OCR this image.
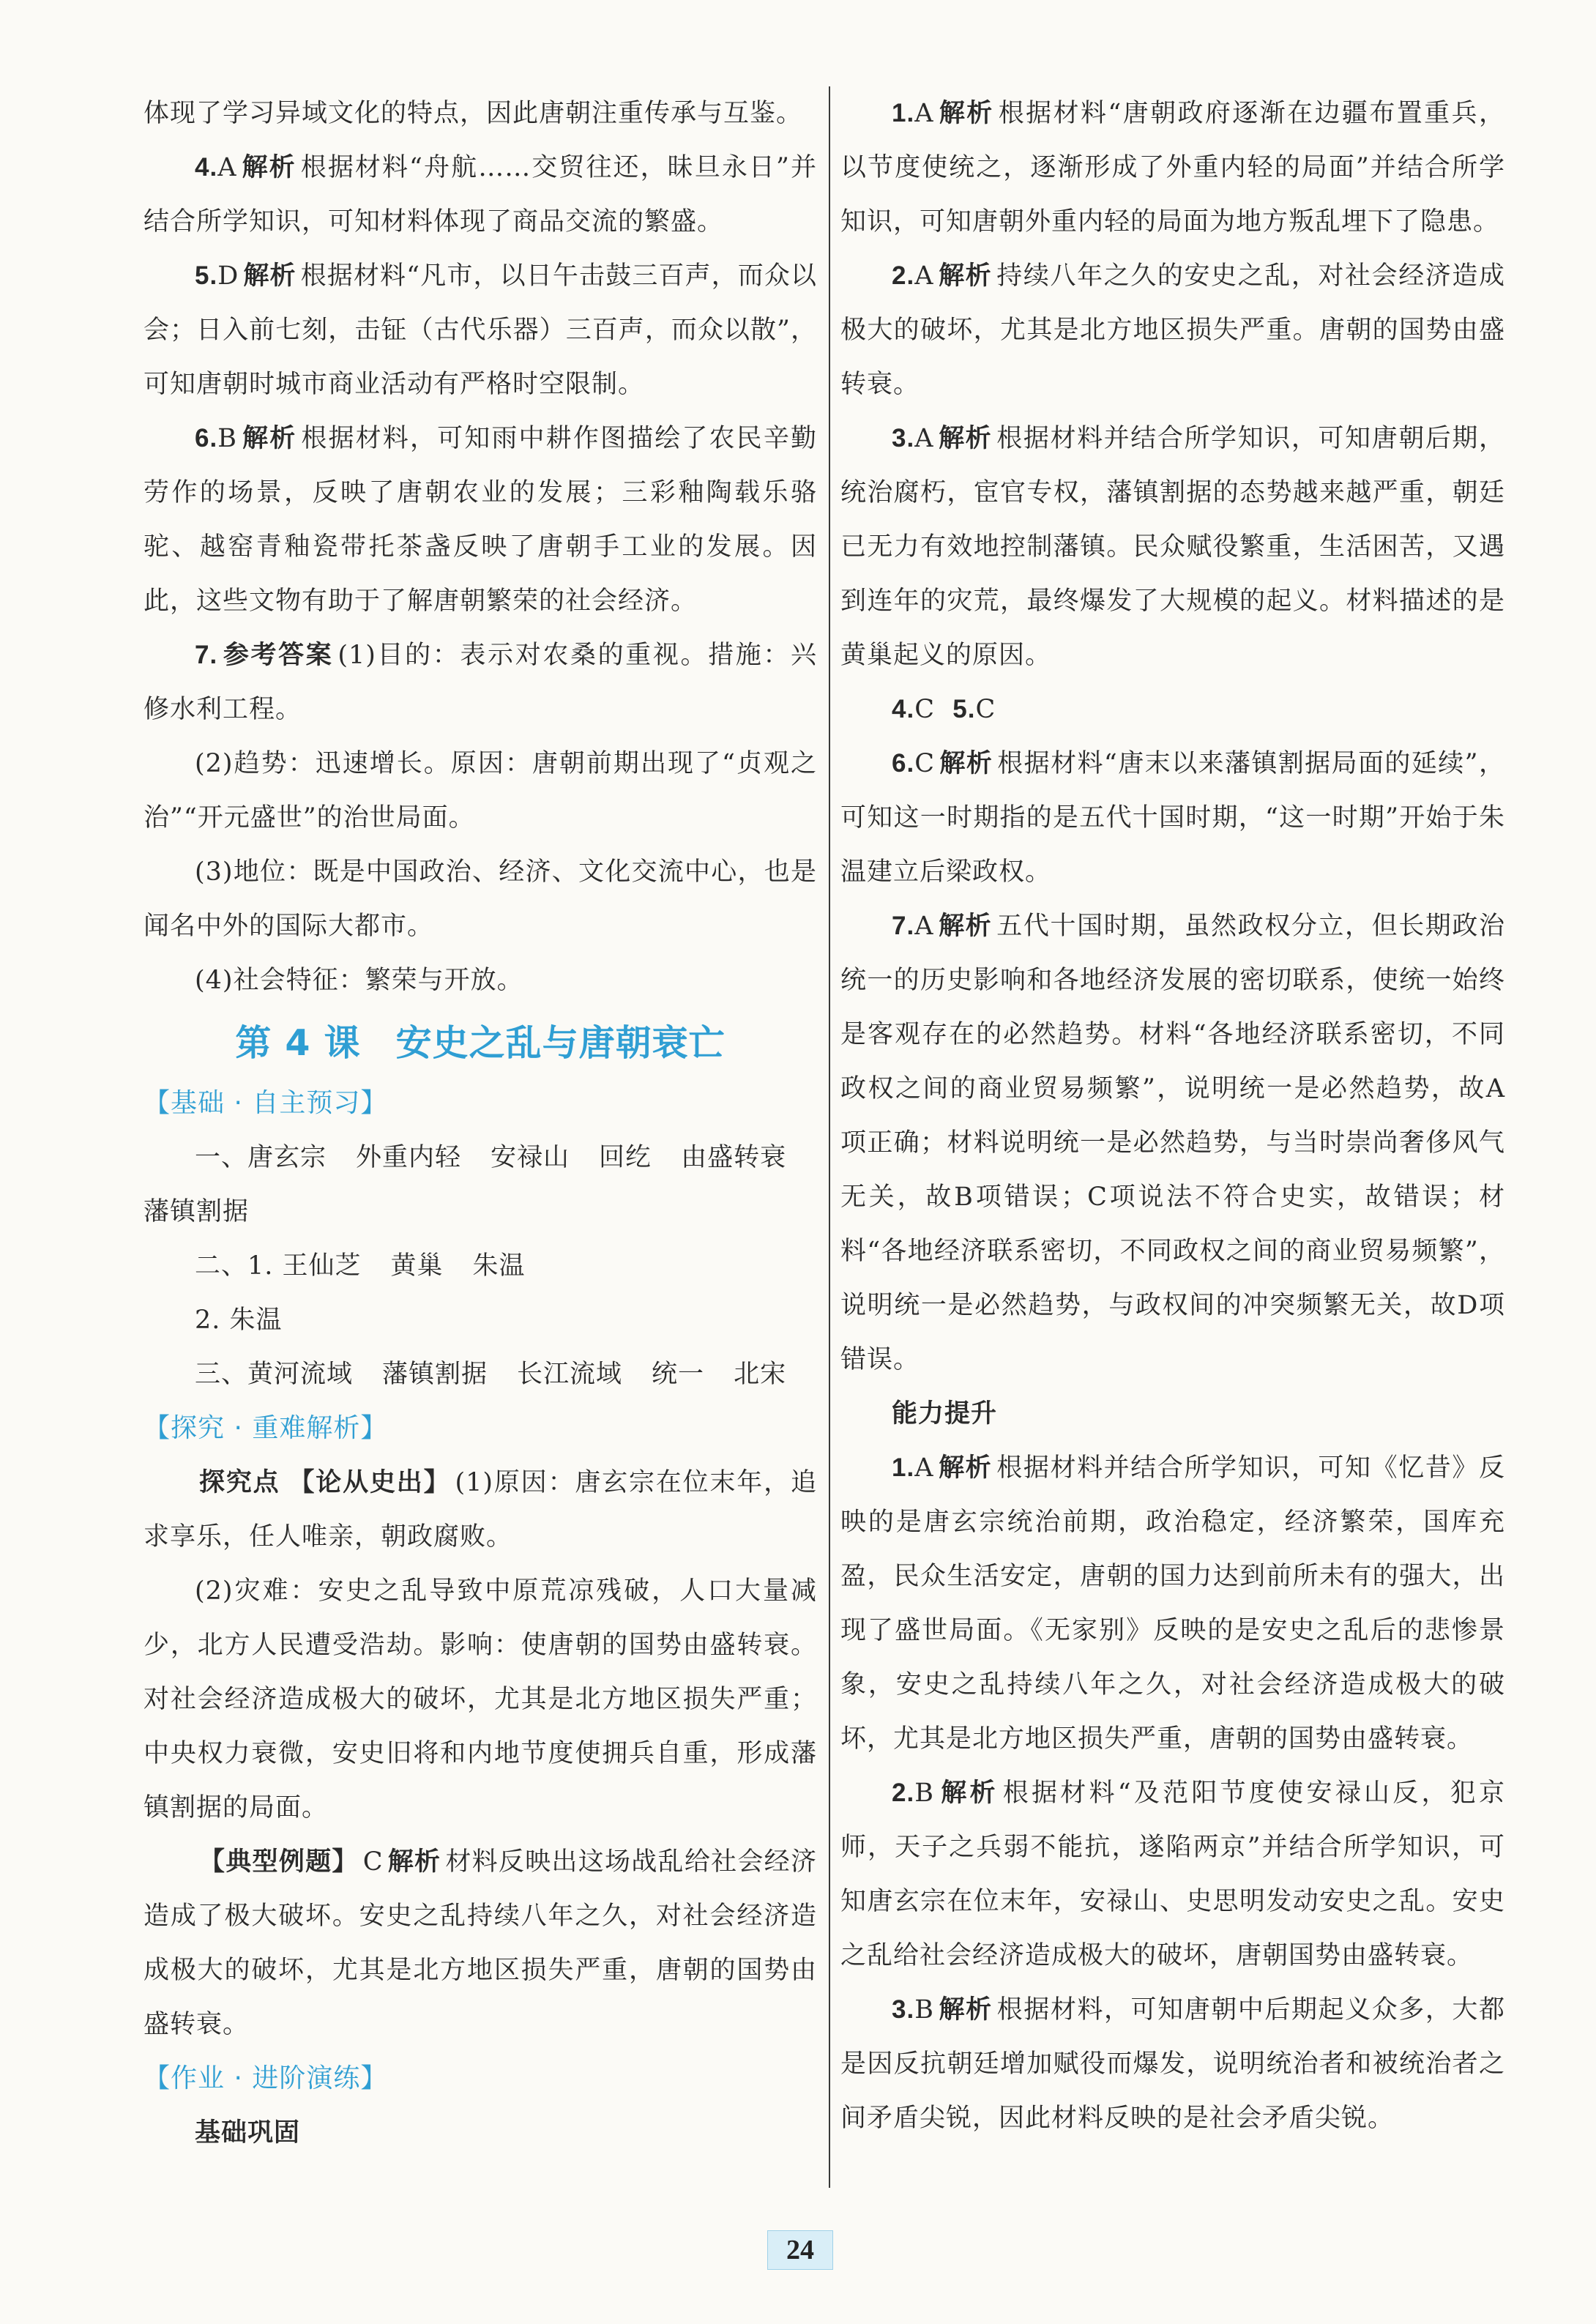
体现了学习异域文化的特点，因此唐朝注重传承与互鉴。

4.A 解析 根据材料“舟航……交贸往还，昧旦永日”并结合所学知识，可知材料体现了商品交流的繁盛。

5.D 解析 根据材料“凡市，以日午击鼓三百声，而众以会；日入前七刻，击钲（古代乐器）三百声，而众以散”，可知唐朝时城市商业活动有严格时空限制。

6.B 解析 根据材料，可知雨中耕作图描绘了农民辛勤劳作的场景，反映了唐朝农业的发展；三彩釉陶载乐骆驼、越窑青釉瓷带托茶盏反映了唐朝手工业的发展。因此，这些文物有助于了解唐朝繁荣的社会经济。

7. 参考答案 (1)目的：表示对农桑的重视。措施：兴修水利工程。

(2)趋势：迅速增长。原因：唐朝前期出现了“贞观之治”“开元盛世”的治世局面。

(3)地位：既是中国政治、经济、文化交流中心，也是闻名中外的国际大都市。

(4)社会特征：繁荣与开放。

第 4 课 安史之乱与唐朝衰亡
【基础 · 自主预习】

一、唐玄宗 外重内轻 安禄山 回纥 由盛转衰

藩镇割据

二、1. 王仙芝 黄巢 朱温

2. 朱温

三、黄河流域 藩镇割据 长江流域 统一 北宋

【探究 · 重难解析】

探究点 【论从史出】 (1)原因：唐玄宗在位末年，追求享乐，任人唯亲，朝政腐败。

(2)灾难：安史之乱导致中原荒凉残破，人口大量减少，北方人民遭受浩劫。影响：使唐朝的国势由盛转衰。对社会经济造成极大的破坏，尤其是北方地区损失严重；中央权力衰微，安史旧将和内地节度使拥兵自重，形成藩镇割据的局面。

【典型例题】 C 解析 材料反映出这场战乱给社会经济造成了极大破坏。安史之乱持续八年之久，对社会经济造成极大的破坏，尤其是北方地区损失严重，唐朝的国势由盛转衰。

【作业 · 进阶演练】

基础巩固

1.A 解析 根据材料“唐朝政府逐渐在边疆布置重兵，以节度使统之，逐渐形成了外重内轻的局面”并结合所学知识，可知唐朝外重内轻的局面为地方叛乱埋下了隐患。

2.A 解析 持续八年之久的安史之乱，对社会经济造成极大的破坏，尤其是北方地区损失严重。唐朝的国势由盛转衰。

3.A 解析 根据材料并结合所学知识，可知唐朝后期，统治腐朽，宦官专权，藩镇割据的态势越来越严重，朝廷已无力有效地控制藩镇。民众赋役繁重，生活困苦，又遇到连年的灾荒，最终爆发了大规模的起义。材料描述的是黄巢起义的原因。

4.C 5.C

6.C 解析 根据材料“唐末以来藩镇割据局面的延续”，可知这一时期指的是五代十国时期，“这一时期”开始于朱温建立后梁政权。

7.A 解析 五代十国时期，虽然政权分立，但长期政治统一的历史影响和各地经济发展的密切联系，使统一始终是客观存在的必然趋势。材料“各地经济联系密切，不同政权之间的商业贸易频繁”，说明统一是必然趋势，故A项正确；材料说明统一是必然趋势，与当时崇尚奢侈风气无关，故B项错误；C项说法不符合史实，故错误；材料“各地经济联系密切，不同政权之间的商业贸易频繁”，说明统一是必然趋势，与政权间的冲突频繁无关，故D项错误。

能力提升

1.A 解析 根据材料并结合所学知识，可知《忆昔》反映的是唐玄宗统治前期，政治稳定，经济繁荣，国库充盈，民众生活安定，唐朝的国力达到前所未有的强大，出现了盛世局面。《无家别》反映的是安史之乱后的悲惨景象，安史之乱持续八年之久，对社会经济造成极大的破坏，尤其是北方地区损失严重，唐朝的国势由盛转衰。

2.B 解析 根据材料“及范阳节度使安禄山反，犯京师，天子之兵弱不能抗，遂陷两京”并结合所学知识，可知唐玄宗在位末年，安禄山、史思明发动安史之乱。安史之乱给社会经济造成极大的破坏，唐朝国势由盛转衰。

3.B 解析 根据材料，可知唐朝中后期起义众多，大都是因反抗朝廷增加赋役而爆发，说明统治者和被统治者之间矛盾尖锐，因此材料反映的是社会矛盾尖锐。

24
